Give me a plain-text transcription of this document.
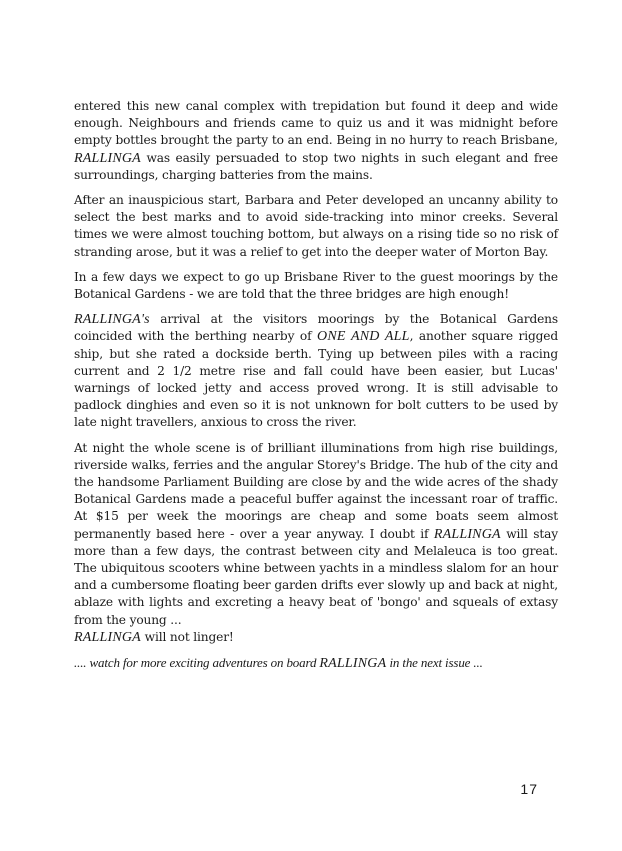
entered this new canal complex with trepidation but found it deep and wide enough. Neighbours and friends came to quiz us and it was midnight before empty bottles brought the party to an end. Being in no hurry to reach Brisbane, RALLINGA was easily persuaded to stop two nights in such elegant and free surroundings, charging batteries from the mains.

After an inauspicious start, Barbara and Peter developed an uncanny ability to select the best marks and to avoid side-tracking into minor creeks. Several times we were almost touching bottom, but always on a rising tide so no risk of stranding arose, but it was a relief to get into the deeper water of Morton Bay.

In a few days we expect to go up Brisbane River to the guest moorings by the Botanical Gardens - we are told that the three bridges are high enough!

RALLINGA's arrival at the visitors moorings by the Botanical Gardens coincided with the berthing nearby of ONE AND ALL, another square rigged ship, but she rated a dockside berth. Tying up between piles with a racing current and 2 1/2 metre rise and fall could have been easier, but Lucas' warnings of locked jetty and access proved wrong. It is still advisable to padlock dinghies and even so it is not unknown for bolt cutters to be used by late night travellers, anxious to cross the river.

At night the whole scene is of brilliant illuminations from high rise buildings, riverside walks, ferries and the angular Storey's Bridge. The hub of the city and the handsome Parliament Building are close by and the wide acres of the shady Botanical Gardens made a peaceful buffer against the incessant roar of traffic. At $15 per week the moorings are cheap and some boats seem almost permanently based here - over a year anyway. I doubt if RALLINGA will stay more than a few days, the contrast between city and Melaleuca is too great. The ubiquitous scooters whine between yachts in a mindless slalom for an hour and a cumbersome floating beer garden drifts ever slowly up and back at night, ablaze with lights and excreting a heavy beat of 'bongo' and squeals of extasy from the young ...
RALLINGA will not linger!

.... watch for more exciting adventures on board RALLINGA in the next issue ...

17
